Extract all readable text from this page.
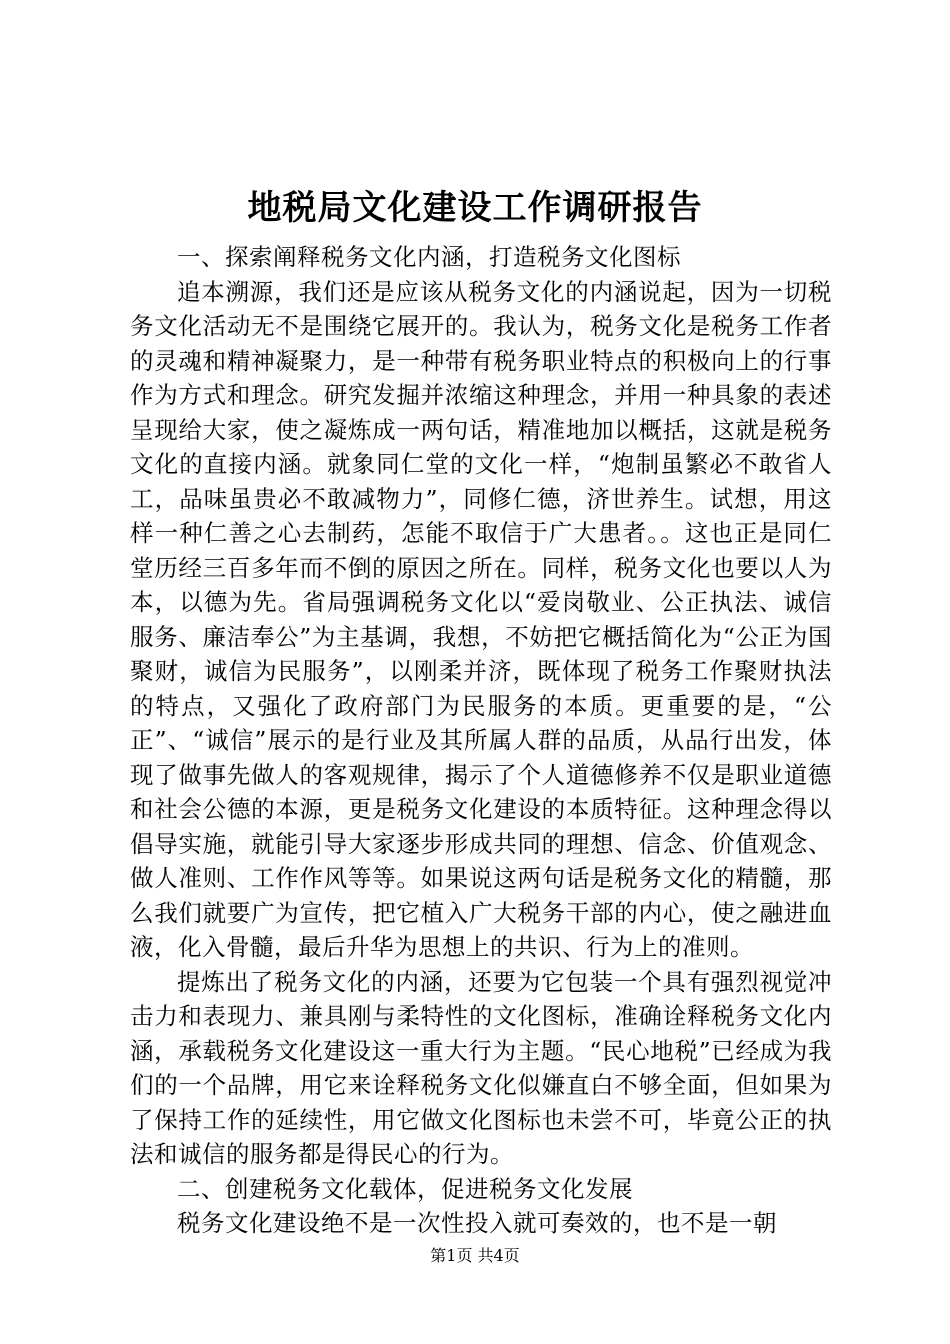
地税局文化建设工作调研报告

一、探索阐释税务文化内涵，打造税务文化图标

追本溯源，我们还是应该从税务文化的内涵说起，因为一切税务文化活动无不是围绕它展开的。我认为，税务文化是税务工作者的灵魂和精神凝聚力，是一种带有税务职业特点的积极向上的行事作为方式和理念。研究发掘并浓缩这种理念，并用一种具象的表述呈现给大家，使之凝炼成一两句话，精准地加以概括，这就是税务文化的直接内涵。就象同仁堂的文化一样，“炮制虽繁必不敢省人工，品味虽贵必不敢减物力”，同修仁德，济世养生。试想，用这样一种仁善之心去制药，怎能不取信于广大患者。。这也正是同仁堂历经三百多年而不倒的原因之所在。同样，税务文化也要以人为本，以德为先。省局强调税务文化以“爱岗敬业、公正执法、诚信服务、廉洁奉公”为主基调，我想，不妨把它概括简化为“公正为国聚财，诚信为民服务”，以刚柔并济，既体现了税务工作聚财执法的特点，又强化了政府部门为民服务的本质。更重要的是，“公正”、“诚信”展示的是行业及其所属人群的品质，从品行出发，体现了做事先做人的客观规律，揭示了个人道德修养不仅是职业道德和社会公德的本源，更是税务文化建设的本质特征。这种理念得以倡导实施，就能引导大家逐步形成共同的理想、信念、价值观念、做人准则、工作作风等等。如果说这两句话是税务文化的精髓，那么我们就要广为宣传，把它植入广大税务干部的内心，使之融进血液，化入骨髓，最后升华为思想上的共识、行为上的准则。

提炼出了税务文化的内涵，还要为它包装一个具有强烈视觉冲击力和表现力、兼具刚与柔特性的文化图标，准确诠释税务文化内涵，承载税务文化建设这一重大行为主题。“民心地税”已经成为我们的一个品牌，用它来诠释税务文化似嫌直白不够全面，但如果为了保持工作的延续性，用它做文化图标也未尝不可，毕竟公正的执法和诚信的服务都是得民心的行为。

二、创建税务文化载体，促进税务文化发展

税务文化建设绝不是一次性投入就可奏效的，也不是一朝

第1页 共4页
